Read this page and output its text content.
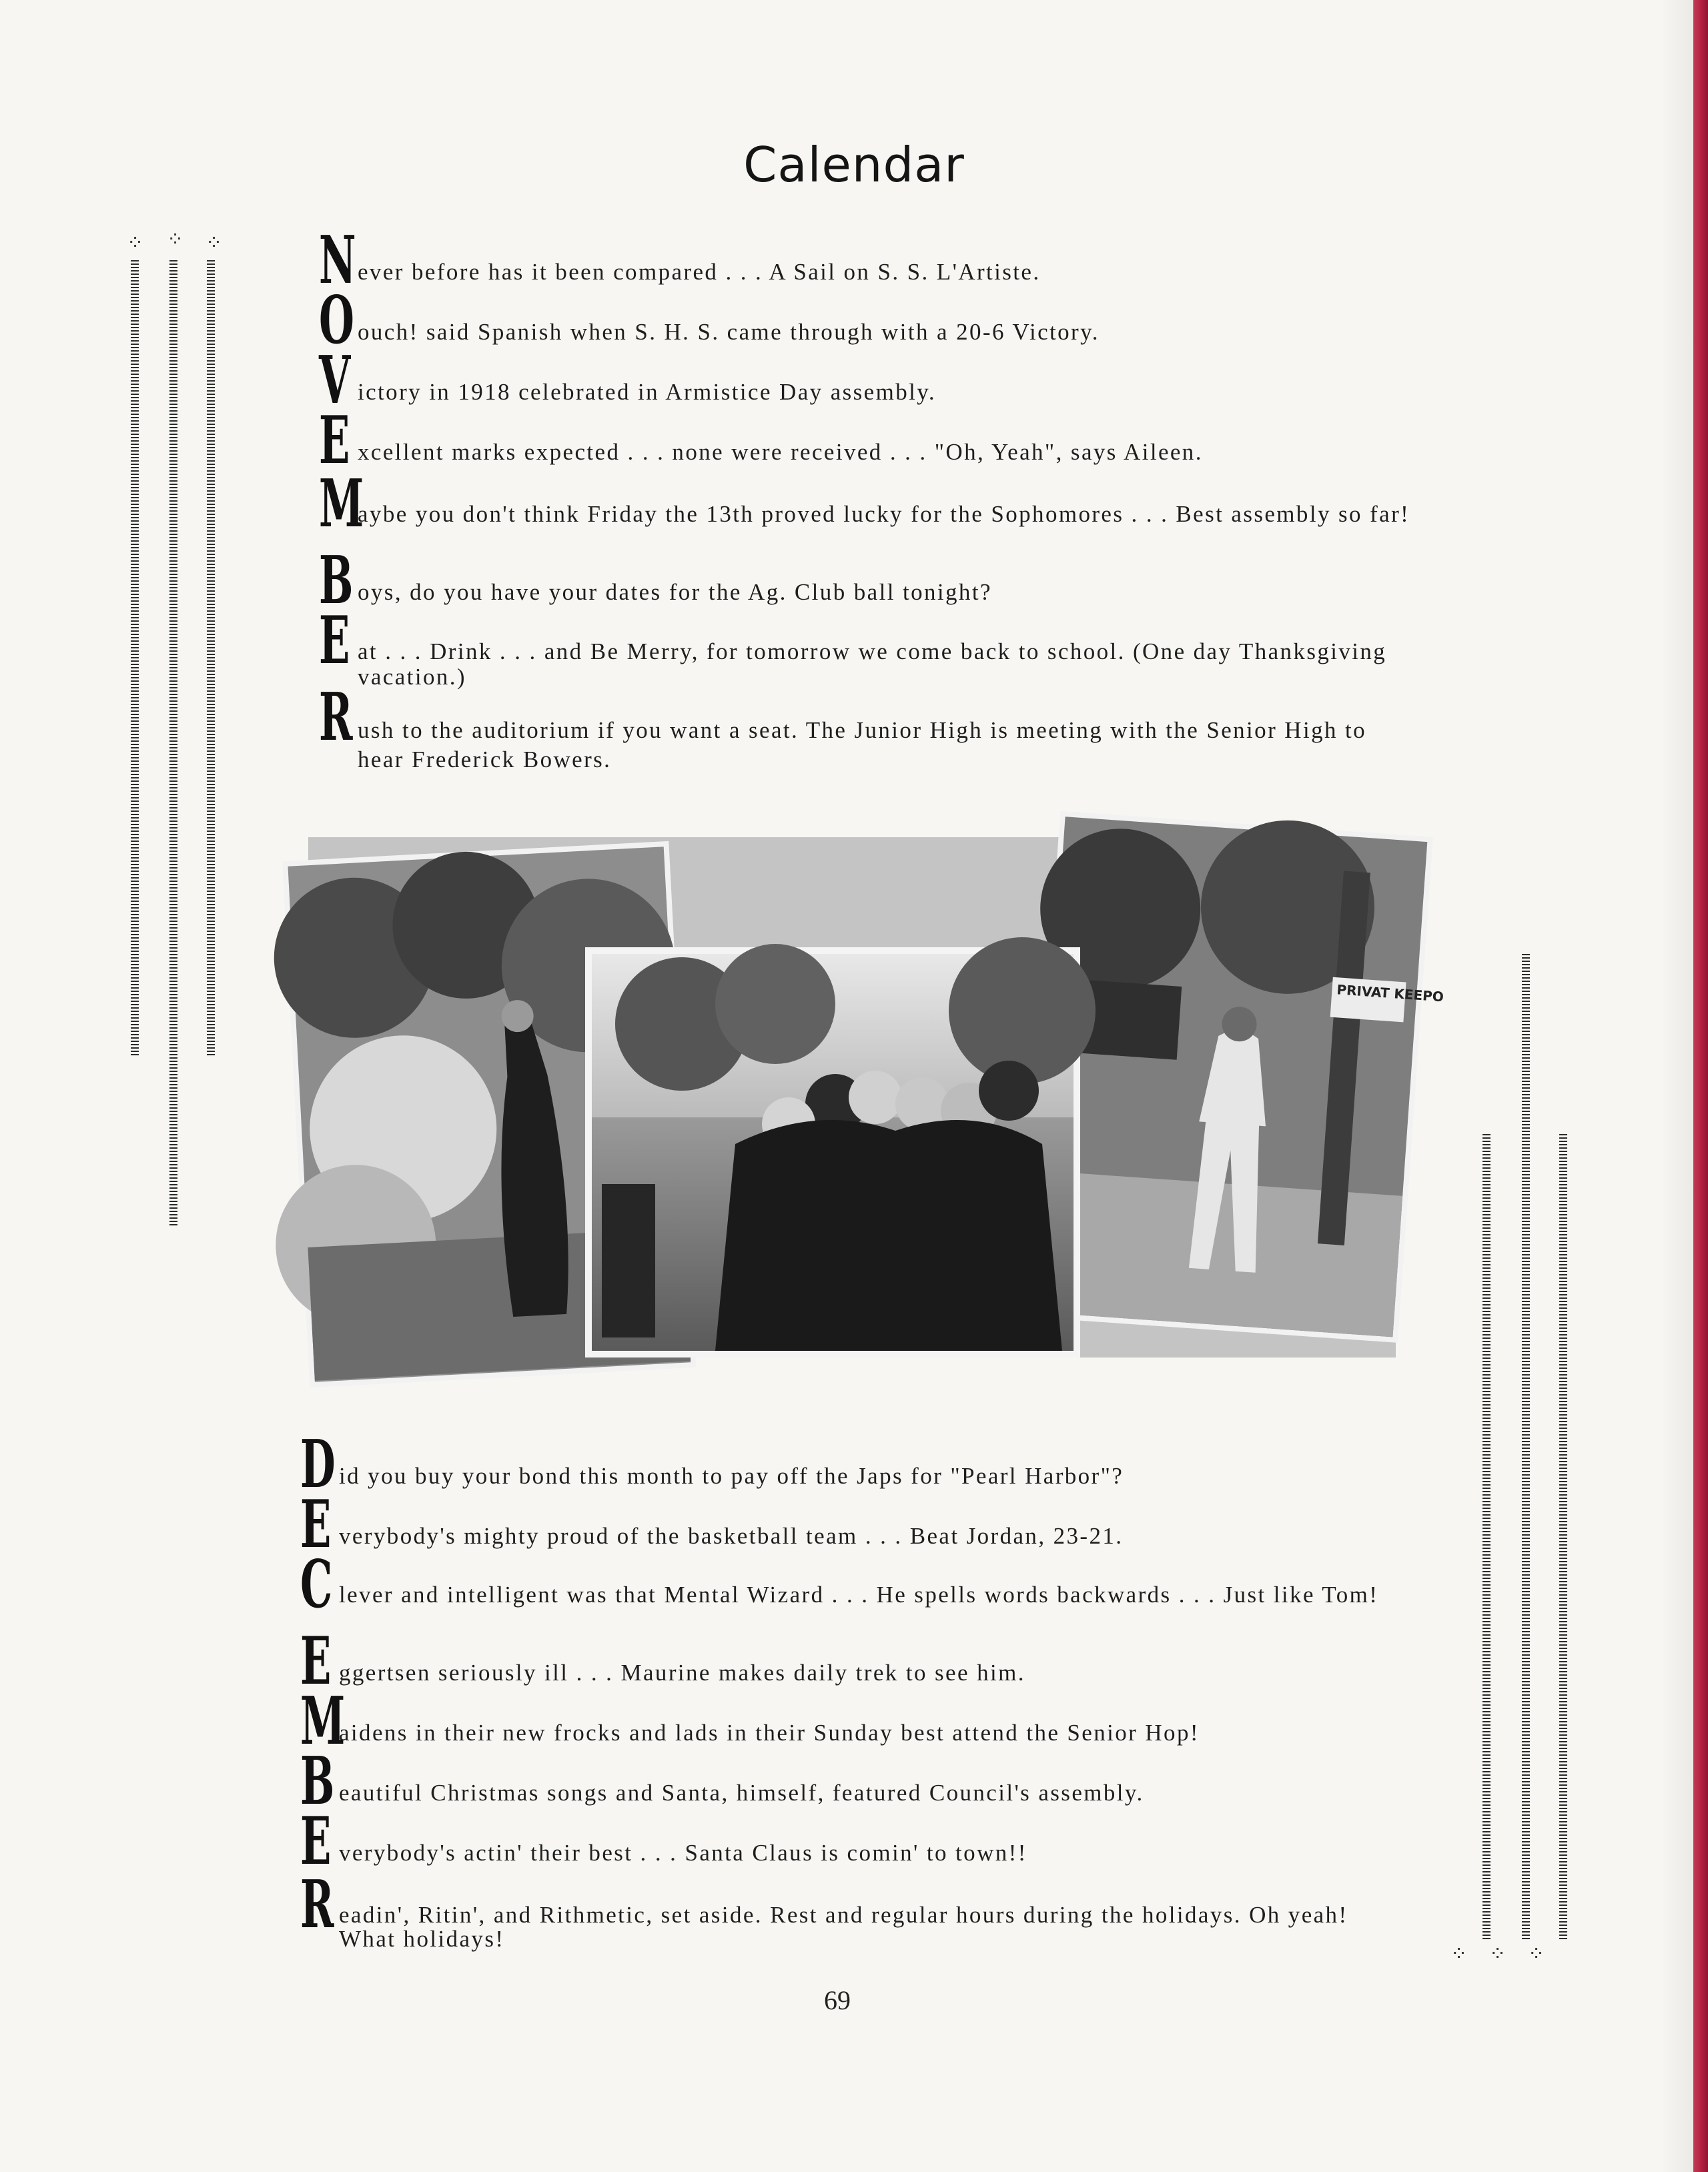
Calendar
⁘ ⁘ ⁘
⁘ ⁘ ⁘
N ever before has it been compared . . . A Sail on S. S. L'Artiste.
O ouch! said Spanish when S. H. S. came through with a 20-6 Victory.
V ictory in 1918 celebrated in Armistice Day assembly.
E xcellent marks expected . . . none were received . . . "Oh, Yeah", says Aileen.
M
aybe you don't think Friday the 13th proved lucky for the Sophomores . . . Best assembly so far!
B oys, do you have your dates for the Ag. Club ball tonight?
E at . . . Drink . . . and Be Merry, for tomorrow we come back to school. (One day Thanksgiving vacation.)
R ush to the auditorium if you want a seat. The Junior High is meeting with the Senior High to hear Frederick Bowers.
PRIVAT KEEPO
D id you buy your bond this month to pay off the Japs for "Pearl Harbor"?
E verybody's mighty proud of the basketball team . . . Beat Jordan, 23-21.
C lever and intelligent was that Mental Wizard . . . He spells words backwards . . . Just like Tom!
E ggertsen seriously ill . . . Maurine makes daily trek to see him.
M
aidens in their new frocks and lads in their Sunday best attend the Senior Hop!
B eautiful Christmas songs and Santa, himself, featured Council's assembly.
E verybody's actin' their best . . . Santa Claus is comin' to town!!
R eadin', Ritin', and Rithmetic, set aside. Rest and regular hours during the holidays. Oh yeah! What holidays!
69
